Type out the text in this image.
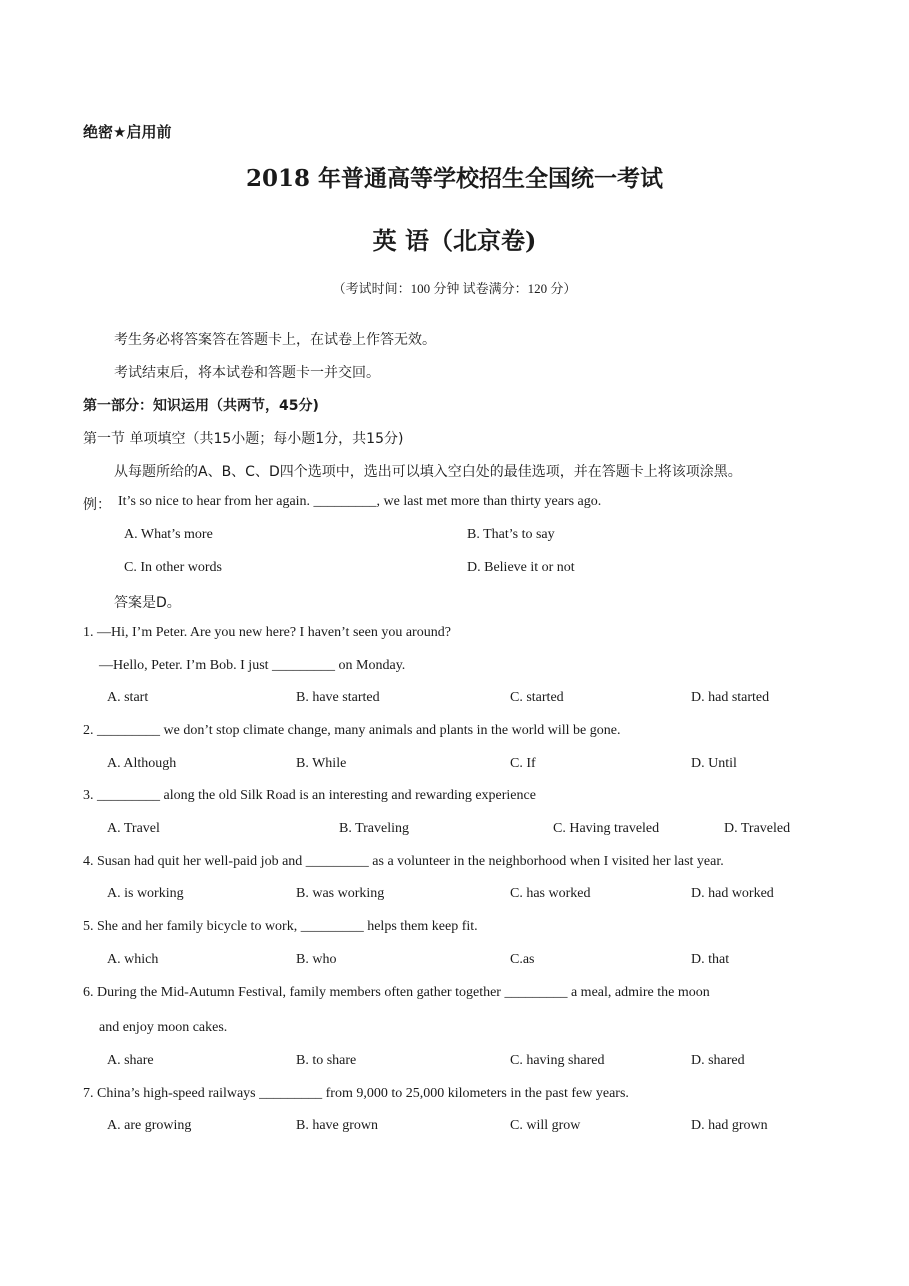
绝密★启用前
2018 年普通高等学校招生全国统一考试
英 语（北京卷)
（考试时间：100 分钟 试卷满分：120 分）
考生务必将答案答在答题卡上，在试卷上作答无效。
考试结束后，将本试卷和答题卡一并交回。
第一部分：知识运用（共两节，45分)
第一节 单项填空（共15小题；每小题1分，共15分)
从每题所给的A、B、C、D四个选项中，选出可以填入空白处的最佳选项，并在答题卡上将该项涂黑。
例： It’s so nice to hear from her again. _________, we last met more than thirty years ago.
A. What’s more	B. That’s to say
C. In other words	D. Believe it or not
答案是D。
1. —Hi, I’m Peter. Are you new here? I haven’t seen you around?
—Hello, Peter. I’m Bob. I just _________ on Monday.
A. start	B. have started	C. started	D. had started
2. _________ we don’t stop climate change, many animals and plants in the world will be gone.
A. Although	B. While	C. If	D. Until
3. _________ along the old Silk Road is an interesting and rewarding experience
A. Travel	B. Traveling	C. Having traveled	D. Traveled
4. Susan had quit her well-paid job and _________ as a volunteer in the neighborhood when I visited her last year.
A. is working	B. was working	C. has worked	D. had worked
5. She and her family bicycle to work, _________ helps them keep fit.
A. which	B. who	C.as	D. that
6. During the Mid-Autumn Festival, family members often gather together _________ a meal, admire the moon
and enjoy moon cakes.
A. share	B. to share	C. having shared	D. shared
7. China’s high-speed railways _________ from 9,000 to 25,000 kilometers in the past few years.
A. are growing	B. have grown	C. will grow	D. had grown
